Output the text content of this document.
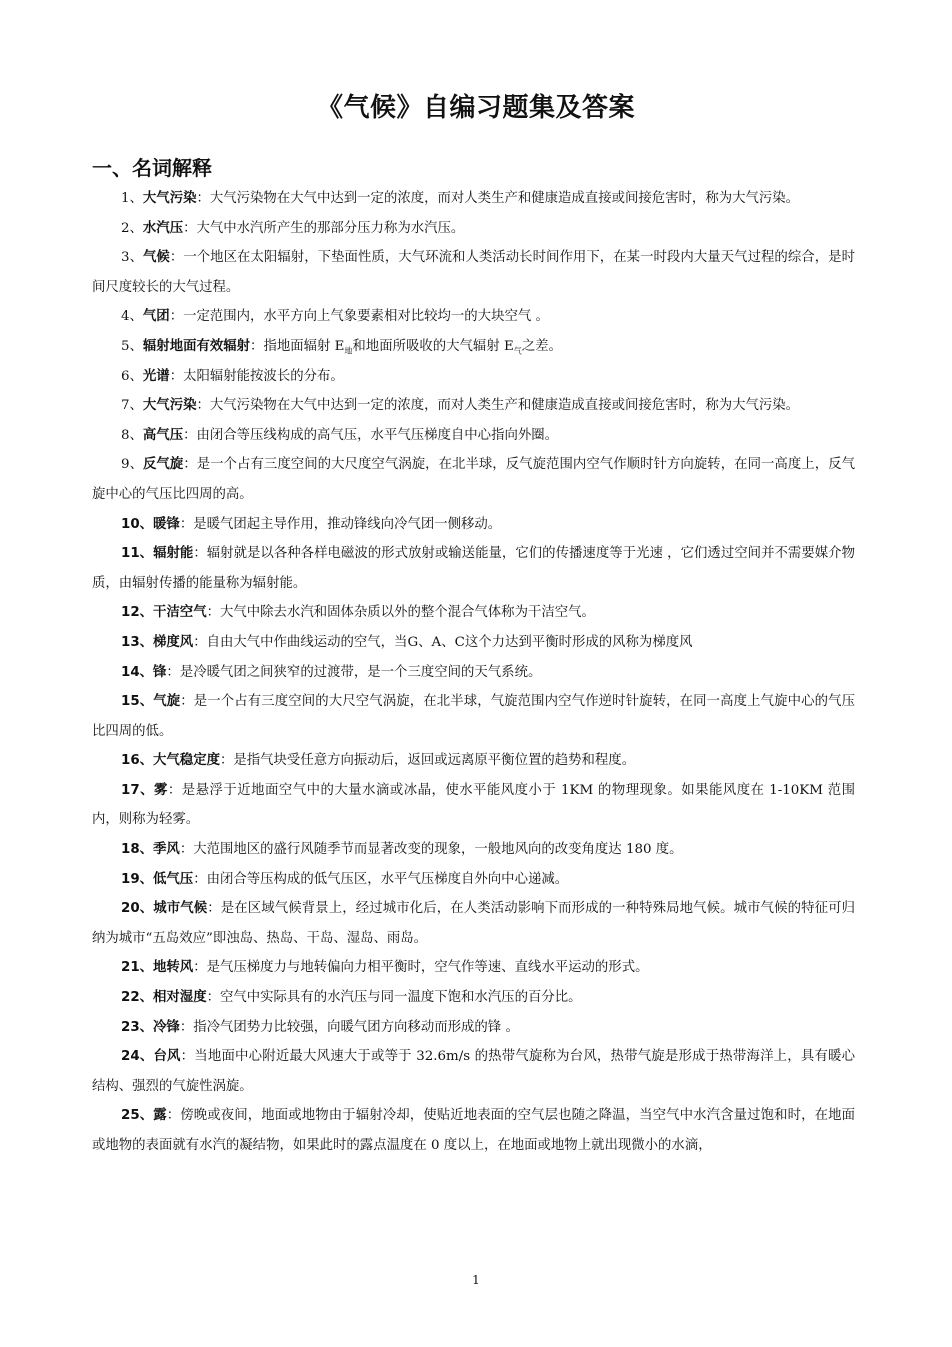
《气候》自编习题集及答案
一、名词解释

1、大气污染：大气污染物在大气中达到一定的浓度，而对人类生产和健康造成直接或间接危害时，称为大气污染。

2、水汽压：大气中水汽所产生的那部分压力称为水汽压。

3、气候：一个地区在太阳辐射，下垫面性质，大气环流和人类活动长时间作用下，在某一时段内大量天气过程的综合，是时间尺度较长的大气过程。

4、气团：一定范围内，水平方向上气象要素相对比较均一的大块空气 。

5、辐射地面有效辐射：指地面辐射 $E_地$和地面所吸收的大气辐射 $E_气$之差。

6、光谱：太阳辐射能按波长的分布。

7、大气污染：大气污染物在大气中达到一定的浓度，而对人类生产和健康造成直接或间接危害时，称为大气污染。

8、高气压：由闭合等压线构成的高气压，水平气压梯度自中心指向外圈。

9、反气旋：是一个占有三度空间的大尺度空气涡旋，在北半球，反气旋范围内空气作顺时针方向旋转，在同一高度上，反气旋中心的气压比四周的高。

10、暖锋：是暖气团起主导作用，推动锋线向冷气团一侧移动。

11、辐射能：辐射就是以各种各样电磁波的形式放射或输送能量，它们的传播速度等于光速 ，它们透过空间并不需要媒介物质，由辐射传播的能量称为辐射能。

12、干洁空气：大气中除去水汽和固体杂质以外的整个混合气体称为干洁空气。

13、梯度风：自由大气中作曲线运动的空气，当G、A、C这个力达到平衡时形成的风称为梯度风

14、锋：是冷暖气团之间狭窄的过渡带，是一个三度空间的天气系统。

15、气旋：是一个占有三度空间的大尺空气涡旋，在北半球，气旋范围内空气作逆时针旋转，在同一高度上气旋中心的气压比四周的低。

16、大气稳定度：是指气块受任意方向振动后，返回或远离原平衡位置的趋势和程度。

17、雾：是悬浮于近地面空气中的大量水滴或冰晶，使水平能风度小于 1KM 的物理现象。如果能风度在 1-10KM 范围内，则称为轻雾。

18、季风：大范围地区的盛行风随季节而显著改变的现象，一般地风向的改变角度达 180 度。

19、低气压：由闭合等压构成的低气压区，水平气压梯度自外向中心递减。

20、城市气候：是在区域气候背景上，经过城市化后，在人类活动影响下而形成的一种特殊局地气候。城市气候的特征可归纳为城市“五岛效应”即浊岛、热岛、干岛、湿岛、雨岛。

21、地转风：是气压梯度力与地转偏向力相平衡时，空气作等速、直线水平运动的形式。

22、相对湿度：空气中实际具有的水汽压与同一温度下饱和水汽压的百分比。

23、冷锋：指冷气团势力比较强，向暖气团方向移动而形成的锋 。

24、台风：当地面中心附近最大风速大于或等于 32.6m/s 的热带气旋称为台风，热带气旋是形成于热带海洋上，具有暖心结构、强烈的气旋性涡旋。

25、露：傍晚或夜间，地面或地物由于辐射冷却，使贴近地表面的空气层也随之降温，当空气中水汽含量过饱和时，在地面或地物的表面就有水汽的凝结物，如果此时的露点温度在 0 度以上，在地面或地物上就出现微小的水滴，

1
